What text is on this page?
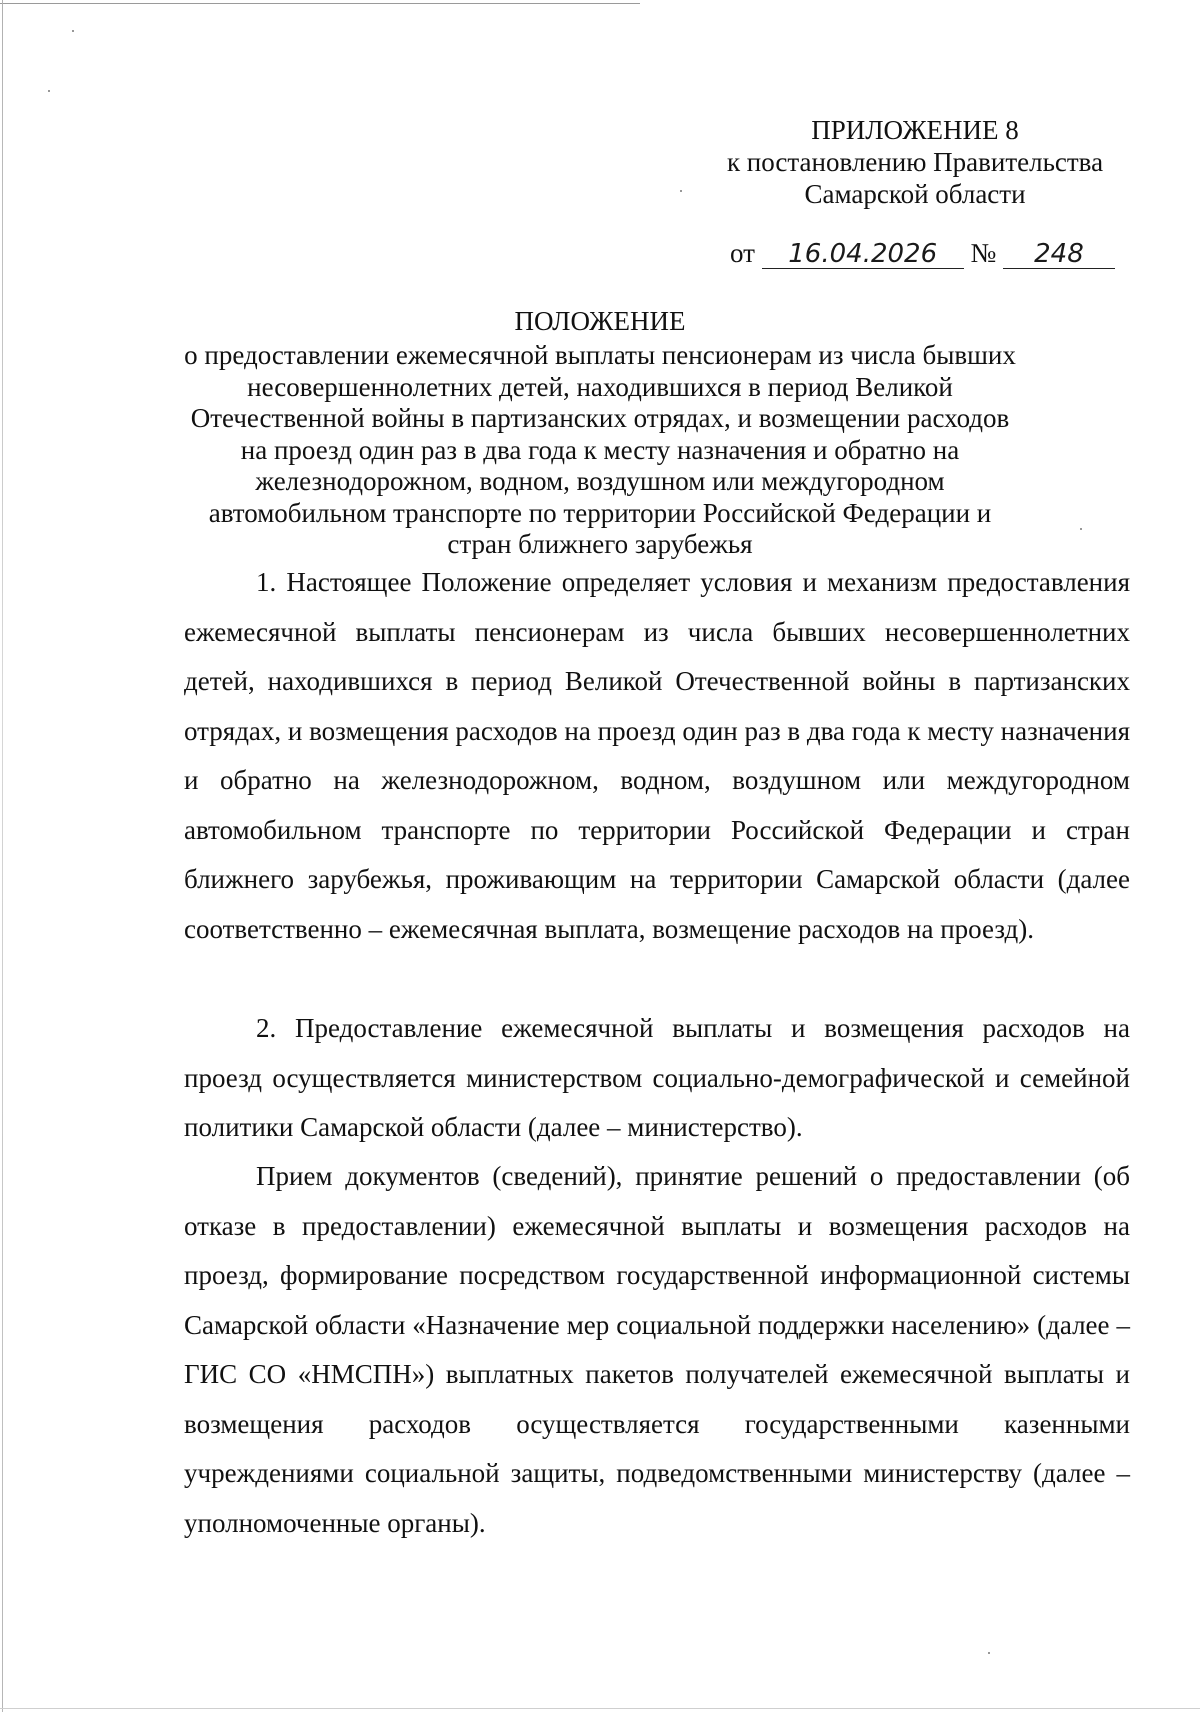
ПРИЛОЖЕНИЕ 8
к постановлению Правительства
Самарской области
от 16.04.2026 № 248
ПОЛОЖЕНИЕ
о предоставлении ежемесячной выплаты пенсионерам из числа бывших несовершеннолетних детей, находившихся в период Великой Отечественной войны в партизанских отрядах, и возмещении расходов на проезд один раз в два года к месту назначения и обратно на железнодорожном, водном, воздушном или междугородном автомобильном транспорте по территории Российской Федерации и стран ближнего зарубежья
1. Настоящее Положение определяет условия и механизм предоставления ежемесячной выплаты пенсионерам из числа бывших несовершеннолетних детей, находившихся в период Великой Отечественной войны в партизанских отрядах, и возмещения расходов на проезд один раз в два года к месту назначения и обратно на железнодорожном, водном, воздушном или междугородном автомобильном транспорте по территории Российской Федерации и стран ближнего зарубежья, проживающим на территории Самарской области (далее соответственно – ежемесячная выплата, возмещение расходов на проезд).
2. Предоставление ежемесячной выплаты и возмещения расходов на проезд осуществляется министерством социально-демографической и семейной политики Самарской области (далее – министерство).
Прием документов (сведений), принятие решений о предоставлении (об отказе в предоставлении) ежемесячной выплаты и возмещения расходов на проезд, формирование посредством государственной информационной системы Самарской области «Назначение мер социальной поддержки населению» (далее – ГИС СО «НМСПН») выплатных пакетов получателей ежемесячной выплаты и возмещения расходов осуществляется государственными казенными учреждениями социальной защиты, подведомственными министерству (далее – уполномоченные органы).
